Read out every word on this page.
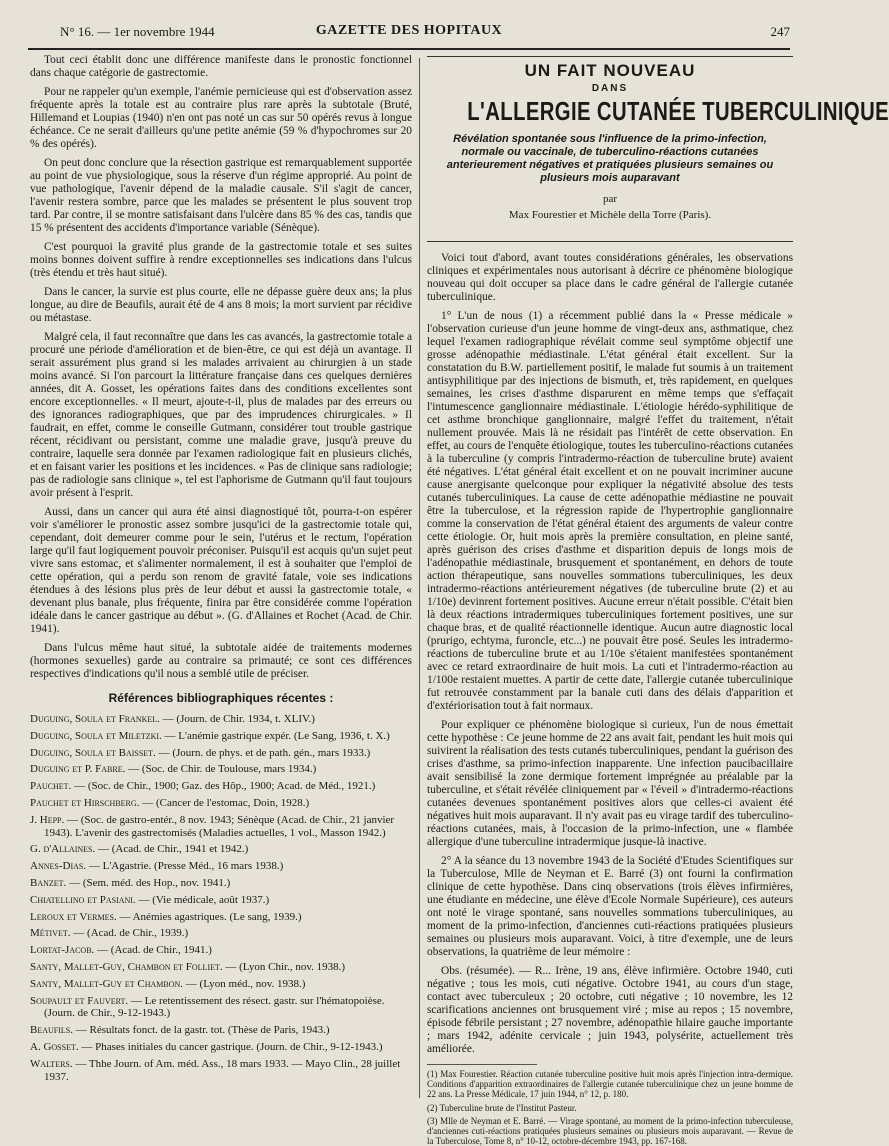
N° 16. — 1er novembre 1944	GAZETTE DES HOPITAUX	247

Tout ceci établit donc une différence manifeste dans le pronostic fonctionnel dans chaque catégorie de gastrectomie.

Pour ne rappeler qu'un exemple, l'anémie pernicieuse qui est d'observation assez fréquente après la totale est au contraire plus rare après la subtotale (Bruté, Hillemand et Loupias (1940) n'en ont pas noté un cas sur 50 opérés revus à longue échéance. Ce ne serait d'ailleurs qu'une petite anémie (59 % d'hypochromes sur 20 % des opérés).

On peut donc conclure que la résection gastrique est remarquablement supportée au point de vue physiologique, sous la réserve d'un régime approprié. Au point de vue pathologique, l'avenir dépend de la maladie causale. S'il s'agit de cancer, l'avenir restera sombre, parce que les malades se présentent le plus souvent trop tard. Par contre, il se montre satisfaisant dans l'ulcère dans 85 % des cas, tandis que 15 % présentent des accidents d'importance variable (Sénèque).

C'est pourquoi la gravité plus grande de la gastrectomie totale et ses suites moins bonnes doivent suffire à rendre exceptionnelles ses indications dans l'ulcus (très étendu et très haut situé).

Dans le cancer, la survie est plus courte, elle ne dépasse guère deux ans; la plus longue, au dire de Beaufils, aurait été de 4 ans 8 mois; la mort survient par récidive ou métastase.

Malgré cela, il faut reconnaître que dans les cas avancés, la gastrectomie totale a procuré une période d'amélioration et de bien-être, ce qui est déjà un avantage. Il serait assurément plus grand si les malades arrivaient au chirurgien à un stade moins avancé. Si l'on parcourt la littérature française dans ces quelques dernières années, dit A. Gosset, les opérations faites dans des conditions excellentes sont encore exceptionnelles. « Il meurt, ajoute-t-il, plus de malades par des erreurs ou des ignorances radiographiques, que par des imprudences chirurgicales. » Il faudrait, en effet, comme le conseille Gutmann, considérer tout trouble gastrique récent, récidivant ou persistant, comme une maladie grave, jusqu'à preuve du contraire, laquelle sera donnée par l'examen radiologique fait en plusieurs clichés, et en faisant varier les positions et les incidences. « Pas de clinique sans radiologie; pas de radiologie sans clinique », tel est l'aphorisme de Gutmann qu'il faut toujours avoir présent à l'esprit.

Aussi, dans un cancer qui aura été ainsi diagnostiqué tôt, pourra-t-on espérer voir s'améliorer le pronostic assez sombre jusqu'ici de la gastrectomie totale qui, cependant, doit demeurer comme pour le sein, l'utérus et le rectum, l'opération large qu'il faut logiquement pouvoir préconiser. Puisqu'il est acquis qu'un sujet peut vivre sans estomac, et s'alimenter normalement, il est à souhaiter que l'emploi de cette opération, qui a perdu son renom de gravité fatale, voie ses indications étendues à des lésions plus près de leur début et aussi la gastrectomie totale, « devenant plus banale, plus fréquente, finira par être considérée comme l'opération idéale dans le cancer gastrique au début ». (G. d'Allaines et Rochet (Acad. de Chir. 1941).

Dans l'ulcus même haut situé, la subtotale aidée de traitements modernes (hormones sexuelles) garde au contraire sa primauté; ce sont ces différences respectives d'indications qu'il nous a semblé utile de préciser.

Références bibliographiques récentes :
Duguing, Soula et Frankel. — (Journ. de Chir. 1934, t. XLIV.)
Duguing, Soula et Miletzki. — L'anémie gastrique expér. (Le Sang, 1936, t. X.)
Duguing, Soula et Baisset. — (Journ. de phys. et de path. gén., mars 1933.)
Duguing et P. Fabre. — (Soc. de Chir. de Toulouse, mars 1934.)
Pauchet. — (Soc. de Chir., 1900; Gaz. des Hôp., 1900; Acad. de Méd., 1921.)
Pauchet et Hirschberg. — (Cancer de l'estomac, Doin, 1928.)
J. Hepp. — (Soc. de gastro-entér., 8 nov. 1943; Sénèque (Acad. de Chir., 21 janvier 1943). L'avenir des gastrectomisés (Maladies actuelles, 1 vol., Masson 1942.)
G. d'Allaines. — (Acad. de Chir., 1941 et 1942.)
Annes-Dias. — L'Agastrie. (Presse Méd., 16 mars 1938.)
Banzet. — (Sem. méd. des Hop., nov. 1941.)
Chiatellino et Pasiani. — (Vie médicale, août 1937.)
Leroux et Vermes. — Anémies agastriques. (Le sang, 1939.)
Métivet. — (Acad. de Chir., 1939.)
Lortat-Jacob. — (Acad. de Chir., 1941.)
Santy, Mallet-Guy, Chambon et Folliet. — (Lyon Chir., nov. 1938.)
Santy, Mallet-Guy et Chambon. — (Lyon méd., nov. 1938.)
Soupault et Fauvert. — Le retentissement des résect. gastr. sur l'hématopoièse. (Journ. de Chir., 9-12-1943.)
Beaufils. — Résultats fonct. de la gastr. tot. (Thèse de Paris, 1943.)
A. Gosset. — Phases initiales du cancer gastrique. (Journ. de Chir., 9-12-1943.)
Walters. — Thhe Journ. of Am. méd. Ass., 18 mars 1933. — Mayo Clin., 28 juillet 1937.
UN FAIT NOUVEAU
DANS
L'ALLERGIE CUTANÉE TUBERCULINIQUE
Révélation spontanée sous l'influence de la primo-infection, normale ou vaccinale, de tuberculino-réactions cutanées anterieurement négatives et pratiquées plusieurs semaines ou plusieurs mois auparavant
par
Max Fourestier et Michèle della Torre (Paris).

Voici tout d'abord, avant toutes considérations générales, les observations cliniques et expérimentales nous autorisant à décrire ce phénomène biologique nouveau qui doit occuper sa place dans le cadre général de l'allergie cutanée tuberculinique.

1° L'un de nous (1) a récemment publié dans la « Presse médicale » l'observation curieuse d'un jeune homme de vingt-deux ans, asthmatique, chez lequel l'examen radiographique révélait comme seul symptôme objectif une grosse adénopathie médiastinale. L'état général était excellent. Sur la constatation du B.W. partiellement positif, le malade fut soumis à un traitement antisyphilitique par des injections de bismuth, et, très rapidement, en quelques semaines, les crises d'asthme disparurent en même temps que s'effaçait l'intumescence ganglionnaire médiastinale. L'étiologie hérédo-syphilitique de cet asthme bronchique ganglionnaire, malgré l'effet du traitement, n'était nullement prouvée. Mais là ne résidait pas l'intérêt de cette observation. En effet, au cours de l'enquête étiologique, toutes les tuberculino-réactions cutanées à la tuberculine (y compris l'intradermo-réaction de tuberculine brute) avaient été négatives. L'état général était excellent et on ne pouvait incriminer aucune cause anergisante quelconque pour expliquer la négativité absolue des tests cutanés tuberculiniques. La cause de cette adénopathie médiastine ne pouvait être la tuberculose, et la régression rapide de l'hypertrophie ganglionnaire comme la conservation de l'état général étaient des arguments de valeur contre cette étiologie. Or, huit mois après la première consultation, en pleine santé, après guérison des crises d'asthme et disparition depuis de longs mois de l'adénopathie médiastinale, brusquement et spontanément, en dehors de toute action thérapeutique, sans nouvelles sommations tuberculiniques, les deux intradermo-réactions antérieurement négatives (de tuberculine brute (2) et au 1/10e) devinrent fortement positives. Aucune erreur n'était possible. C'était bien là deux réactions intradermiques tuberculiniques fortement positives, une sur chaque bras, et de qualité réactionnelle identique. Aucun autre diagnostic local (prurigo, echtyma, furoncle, etc...) ne pouvait être posé. Seules les intradermo-réactions de tuberculine brute et au 1/10e s'étaient manifestées spontanément avec ce retard extraordinaire de huit mois. La cuti et l'intradermo-réaction au 1/100e restaient muettes. A partir de cette date, l'allergie cutanée tuberculinique fut retrouvée constamment par la banale cuti dans des délais d'apparition et d'extériorisation tout à fait normaux.

Pour expliquer ce phénomène biologique si curieux, l'un de nous émettait cette hypothèse : Ce jeune homme de 22 ans avait fait, pendant les huit mois qui suivirent la réalisation des tests cutanés tuberculiniques, pendant la guérison des crises d'asthme, sa primo-infection inapparente. Une infection paucibacillaire avait sensibilisé la zone dermique fortement imprégnée au préalable par la tuberculine, et s'était révélée cliniquement par « l'éveil » d'intradermo-réactions cutanées devenues spontanément positives alors que celles-ci avaient été négatives huit mois auparavant. Il n'y avait pas eu virage tardif des tuberculino-réactions cutanées, mais, à l'occasion de la primo-infection, une « flambée allergique d'une tuberculine intradermique jusque-là inactive.

2° A la séance du 13 novembre 1943 de la Société d'Etudes Scientifiques sur la Tuberculose, Mlle de Neyman et E. Barré (3) ont fourni la confirmation clinique de cette hypothèse. Dans cinq observations (trois élèves infirmières, une étudiante en médecine, une élève d'Ecole Normale Supérieure), ces auteurs ont noté le virage spontané, sans nouvelles sommations tuberculiniques, au moment de la primo-infection, d'anciennes cuti-réactions pratiquées plusieurs semaines ou plusieurs mois auparavant. Voici, à titre d'exemple, une de leurs observations, la quatrième de leur mémoire :

Obs. (résumée). — R... Irène, 19 ans, élève infirmière. Octobre 1940, cuti négative ; tous les mois, cuti négative. Octobre 1941, au cours d'un stage, contact avec tuberculeux ; 20 octobre, cuti négative ; 10 novembre, les 12 scarifications anciennes ont brusquement viré ; mise au repos ; 15 novembre, épisode fébrile persistant ; 27 novembre, adénopathie hilaire gauche importante ; mars 1942, adénite cervicale ; juin 1943, polysérite, actuellement très améliorée.

(1) Max Fourestier. Réaction cutanée tuberculine positive huit mois après l'injection intra-dermique. Conditions d'apparition extraordinaires de l'allergie cutanée tuberculinique chez un jeune homme de 22 ans. La Presse Médicale, 17 juin 1944, n° 12, p. 180.
(2) Tuberculine brute de l'Institut Pasteur.
(3) Mlle de Neyman et E. Barré. — Virage spontané, au moment de la primo-infection tuberculeuse, d'anciennes cuti-réactions pratiquées plusieurs semaines ou plusieurs mois auparavant. — Revue de la Tuberculose, Tome 8, n° 10-12, octobre-décembre 1943, pp. 167-168.
